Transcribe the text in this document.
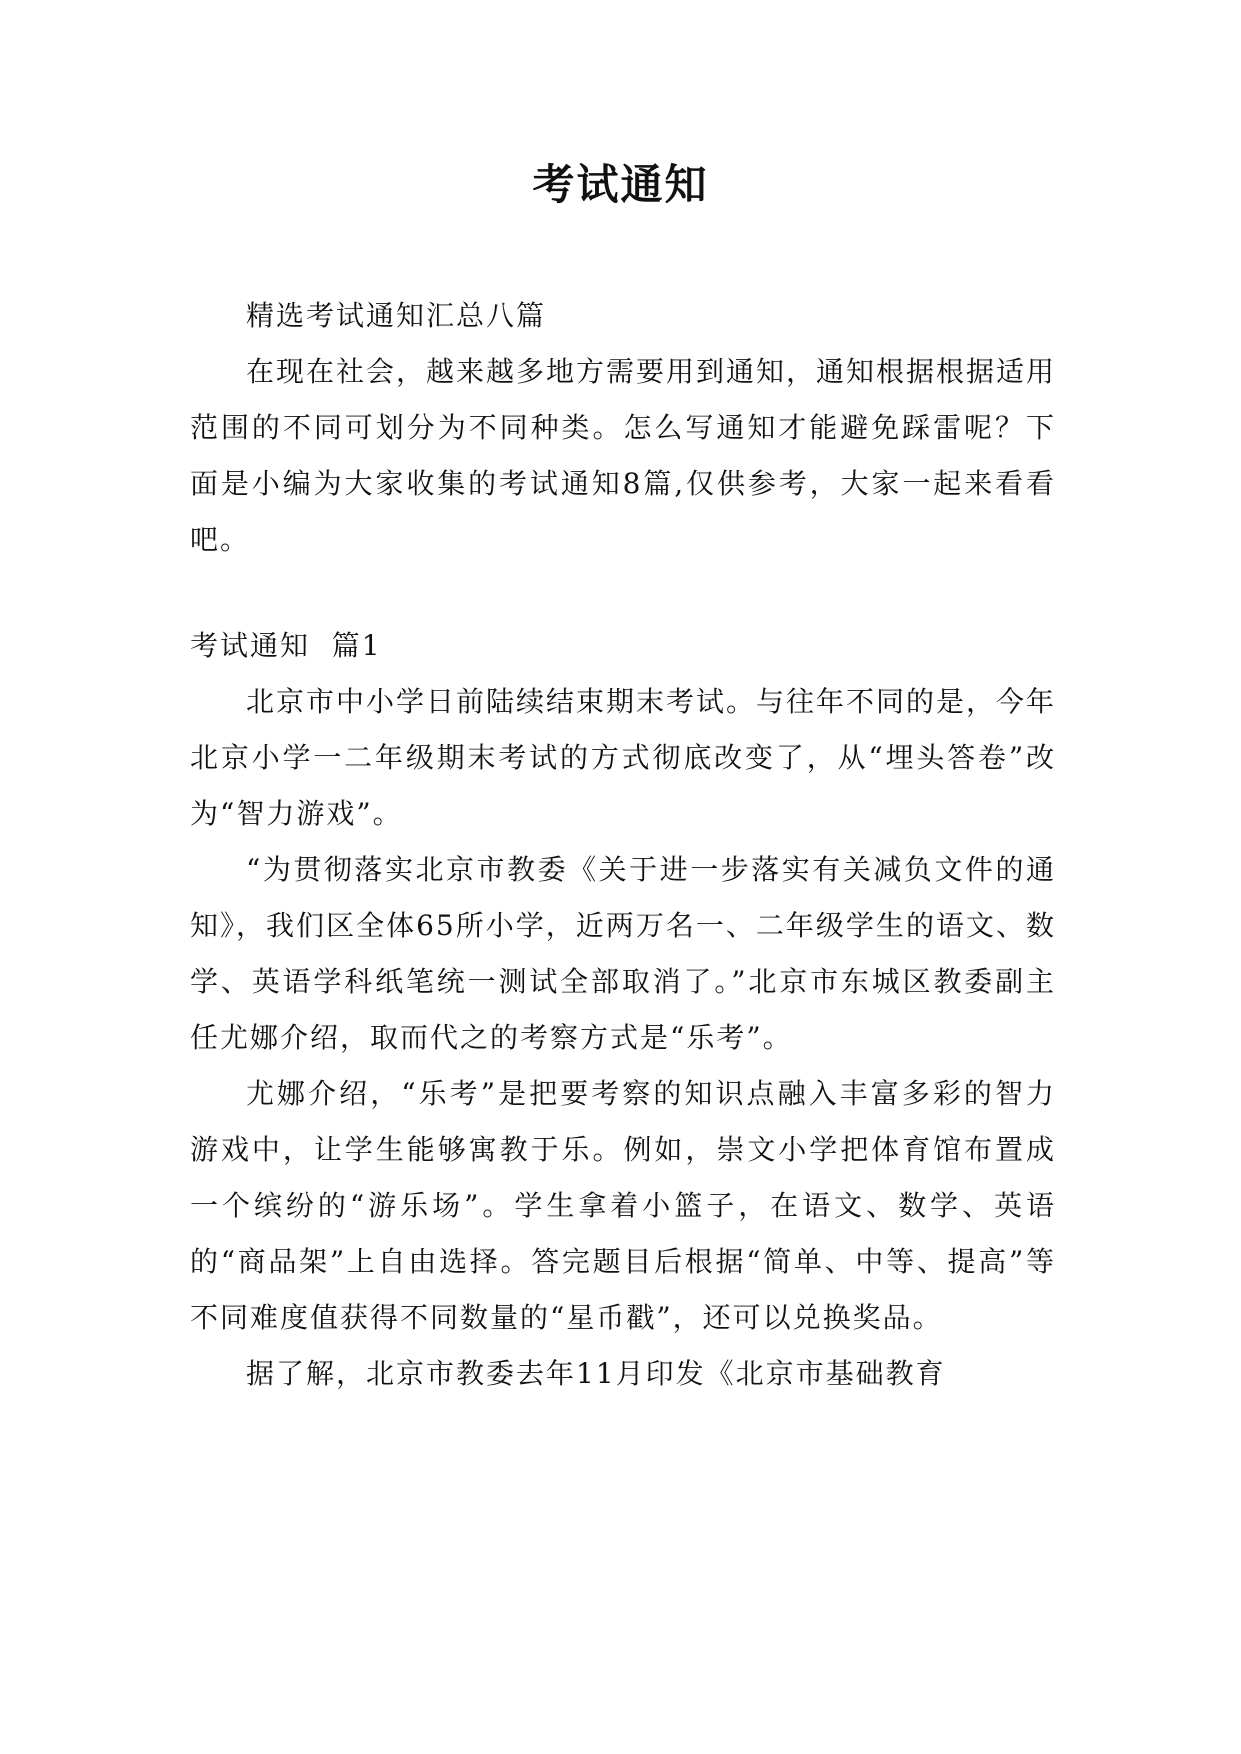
考试通知

精选考试通知汇总八篇

在现在社会，越来越多地方需要用到通知，通知根据根据适用范围的不同可划分为不同种类。怎么写通知才能避免踩雷呢？下面是小编为大家收集的考试通知8篇,仅供参考，大家一起来看看吧。

考试通知  篇1

北京市中小学日前陆续结束期末考试。与往年不同的是，今年北京小学一二年级期末考试的方式彻底改变了，从“埋头答卷”改为“智力游戏”。

“为贯彻落实北京市教委《关于进一步落实有关减负文件的通知》，我们区全体65所小学，近两万名一、二年级学生的语文、数学、英语学科纸笔统一测试全部取消了。”北京市东城区教委副主任尤娜介绍，取而代之的考察方式是“乐考”。

尤娜介绍，“乐考”是把要考察的知识点融入丰富多彩的智力游戏中，让学生能够寓教于乐。例如，崇文小学把体育馆布置成一个缤纷的“游乐场”。学生拿着小篮子，在语文、数学、英语的“商品架”上自由选择。答完题目后根据“简单、中等、提高”等不同难度值获得不同数量的“星币戳”，还可以兑换奖品。

据了解，北京市教委去年11月印发《北京市基础教育
